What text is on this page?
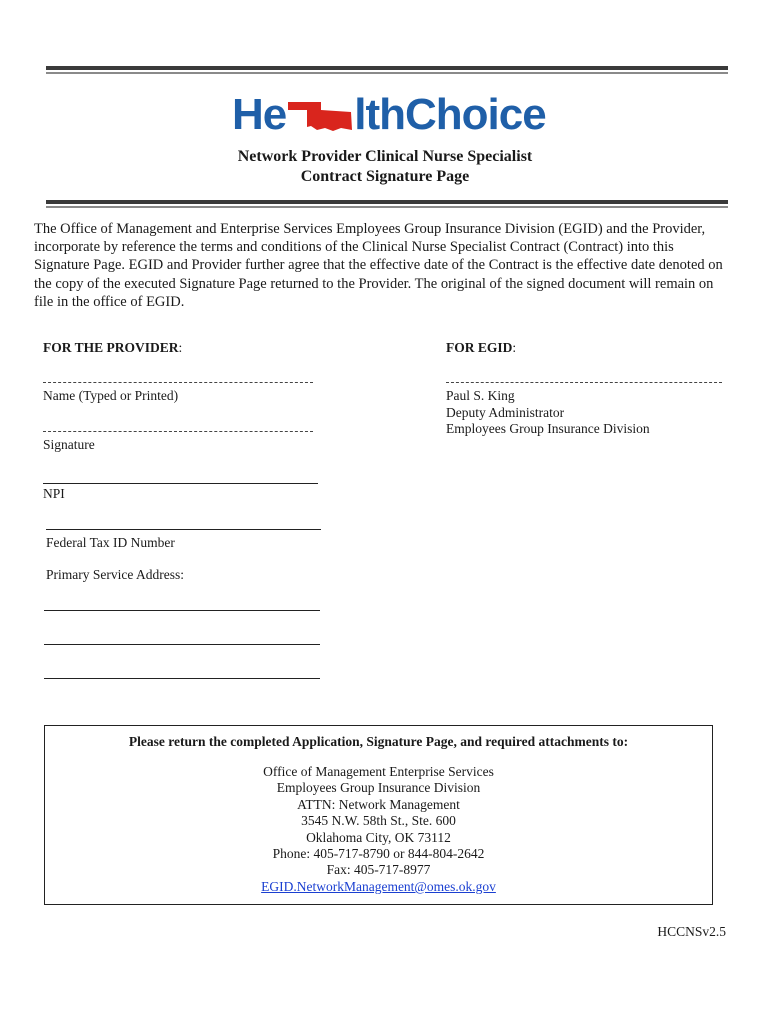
He lthChoice
Network Provider Clinical Nurse Specialist
Contract Signature Page
The Office of Management and Enterprise Services Employees Group Insurance Division (EGID) and the Provider, incorporate by reference the terms and conditions of the Clinical Nurse Specialist Contract (Contract) into this Signature Page. EGID and Provider further agree that the effective date of the Contract is the effective date denoted on the copy of the executed Signature Page returned to the Provider. The original of the signed document will remain on file in the office of EGID.
FOR THE PROVIDER:
Name (Typed or Printed)
Signature
NPI
Federal Tax ID Number
Primary Service Address:
FOR EGID:
Paul S. King
Deputy Administrator
Employees Group Insurance Division
Please return the completed Application, Signature Page, and required attachments to:
Office of Management Enterprise Services
Employees Group Insurance Division
ATTN: Network Management
3545 N.W. 58th St., Ste. 600
Oklahoma City, OK 73112
Phone: 405-717-8790 or 844-804-2642
Fax: 405-717-8977
EGID.NetworkManagement@omes.ok.gov
HCCNSv2.5
